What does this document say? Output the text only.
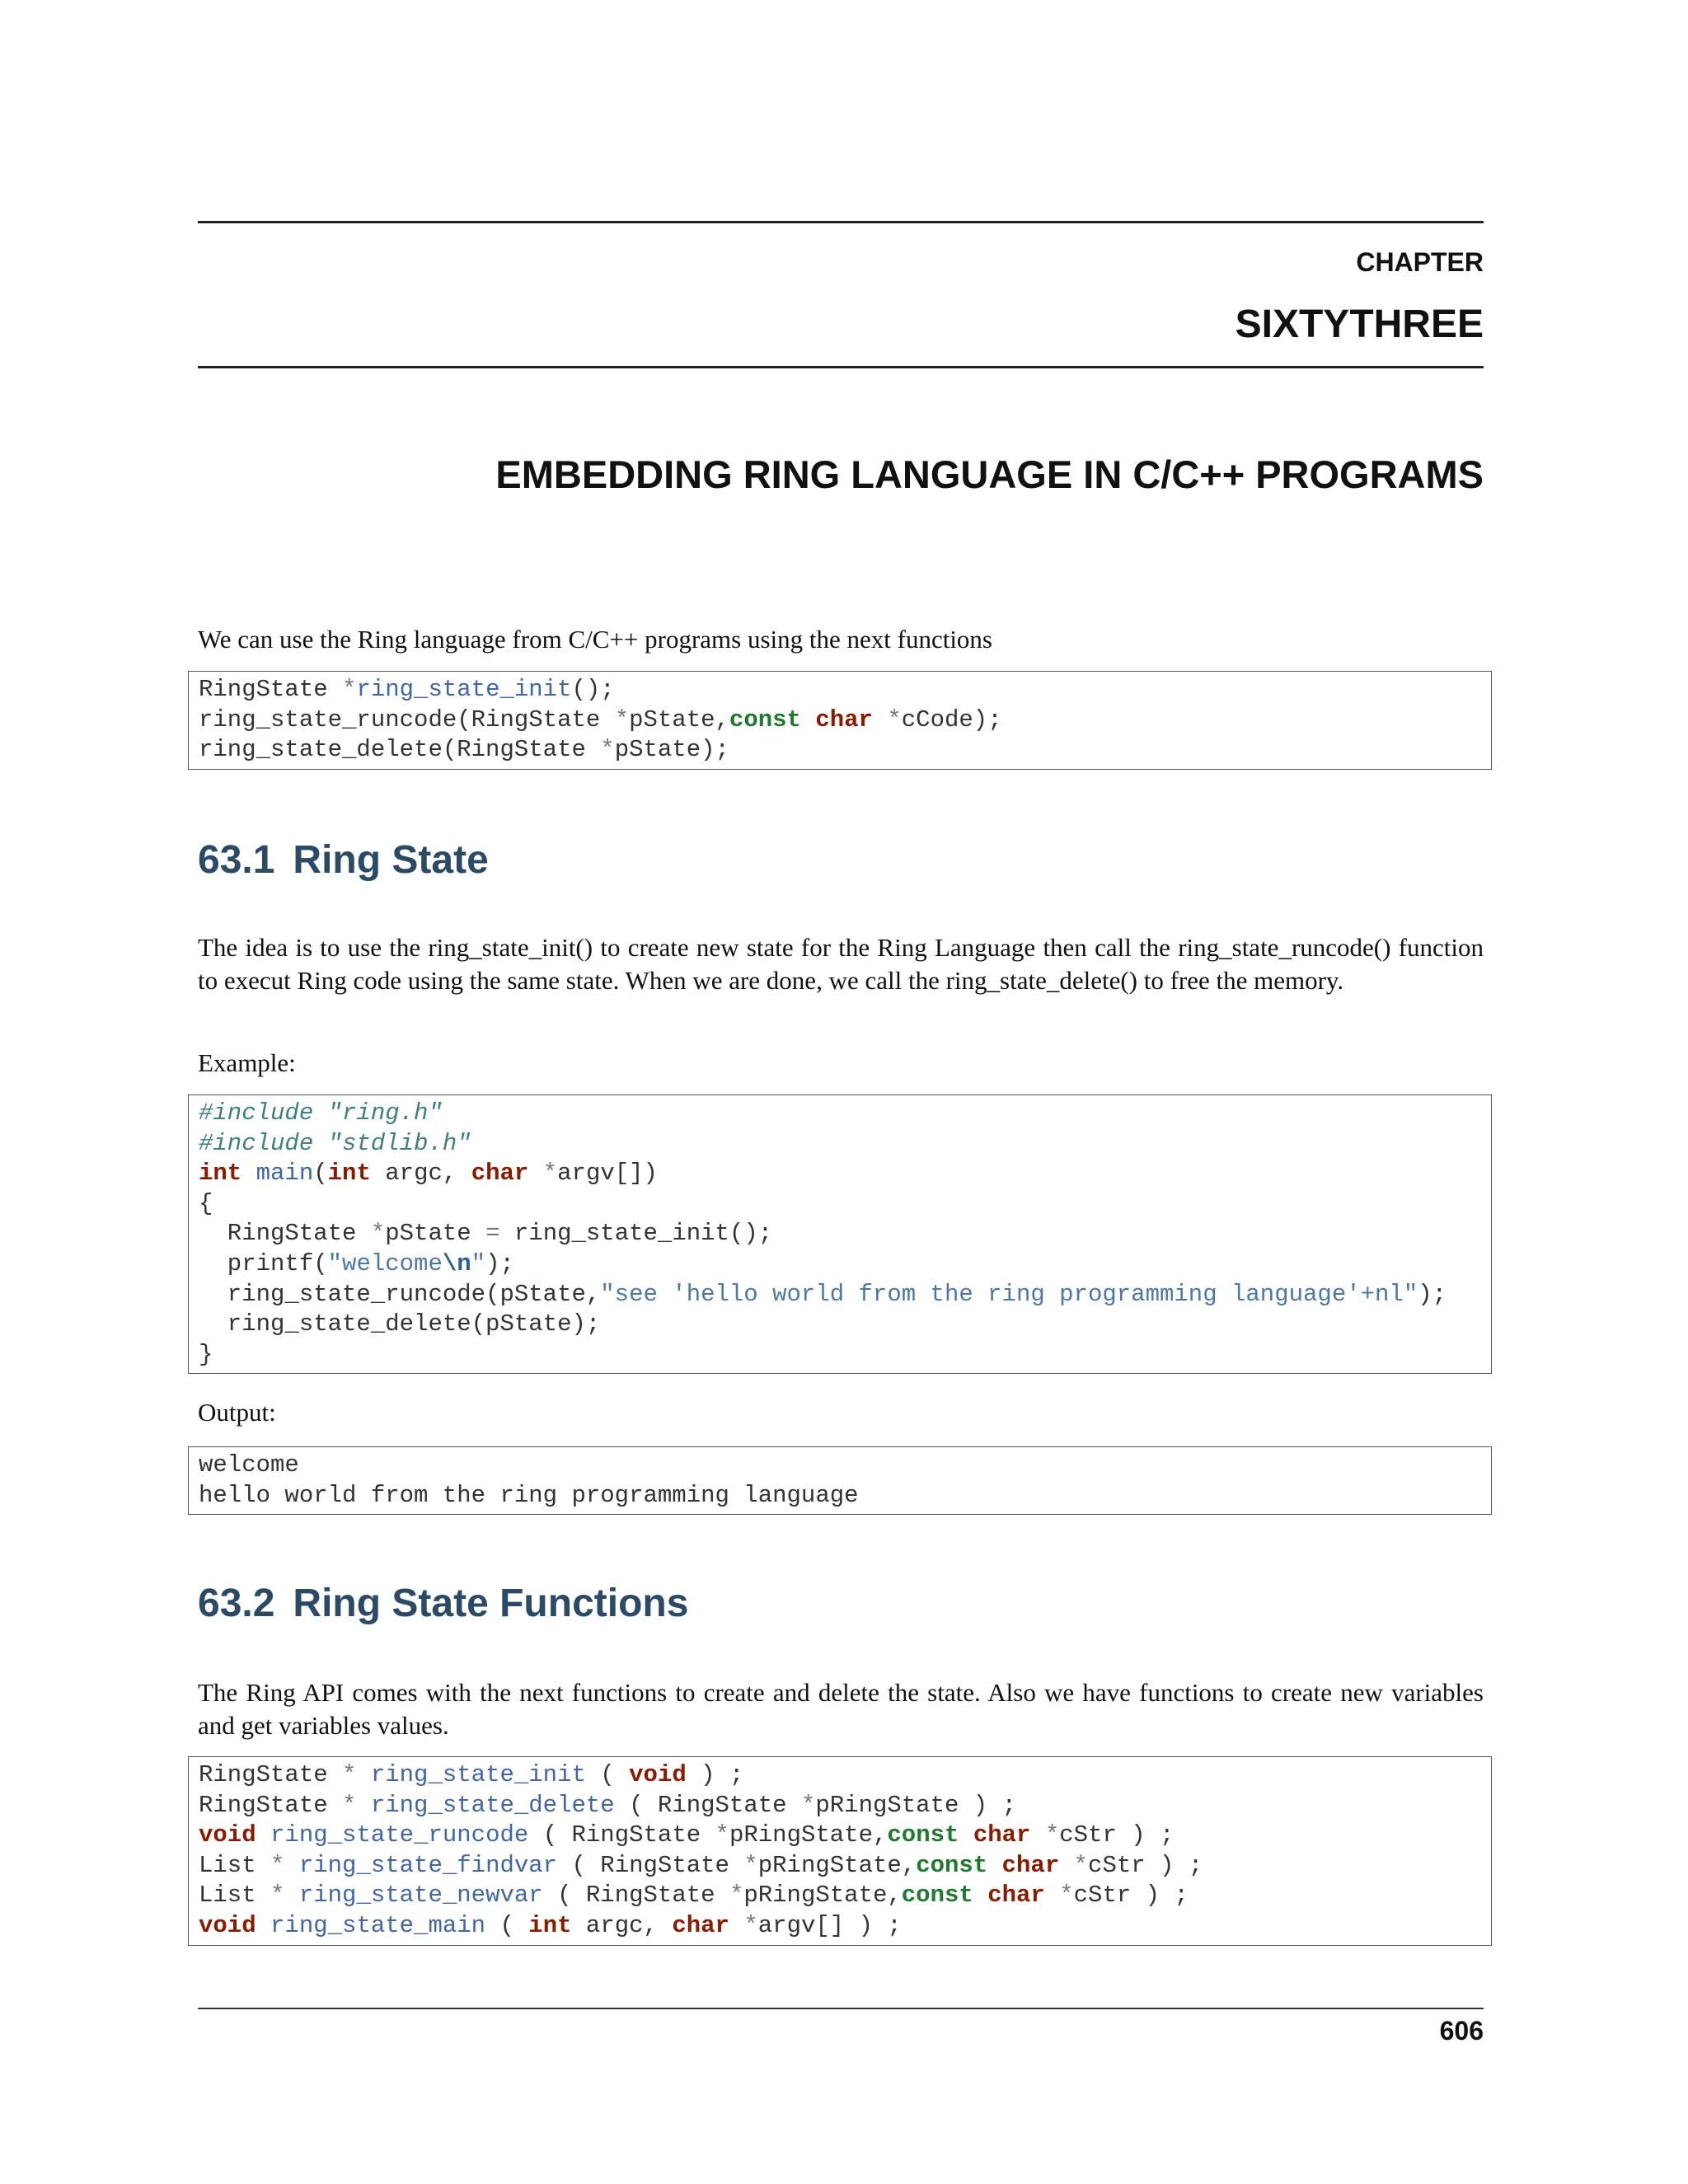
CHAPTER
SIXTYTHREE
EMBEDDING RING LANGUAGE IN C/C++ PROGRAMS

We can use the Ring language from C/C++ programs using the next functions

RingState *ring_state_init();
ring_state_runcode(RingState *pState,const char *cCode);
ring_state_delete(RingState *pState);
63.1 Ring State

The idea is to use the ring_state_init() to create new state for the Ring Language then call the ring_state_runcode() function to execut Ring code using the same state. When we are done, we call the ring_state_delete() to free the memory.

Example:

#include "ring.h"
#include "stdlib.h"
int main(int argc, char *argv[])
{
RingState *pState = ring_state_init();
printf("welcome\n");
ring_state_runcode(pState,"see 'hello world from the ring programming language'+nl");
ring_state_delete(pState);
}

Output:

welcome
hello world from the ring programming language
63.2 Ring State Functions

The Ring API comes with the next functions to create and delete the state. Also we have functions to create new variables and get variables values.

RingState * ring_state_init ( void ) ;
RingState * ring_state_delete ( RingState *pRingState ) ;
void ring_state_runcode ( RingState *pRingState,const char *cStr ) ;
List * ring_state_findvar ( RingState *pRingState,const char *cStr ) ;
List * ring_state_newvar ( RingState *pRingState,const char *cStr ) ;
void ring_state_main ( int argc, char *argv[] ) ;
606
